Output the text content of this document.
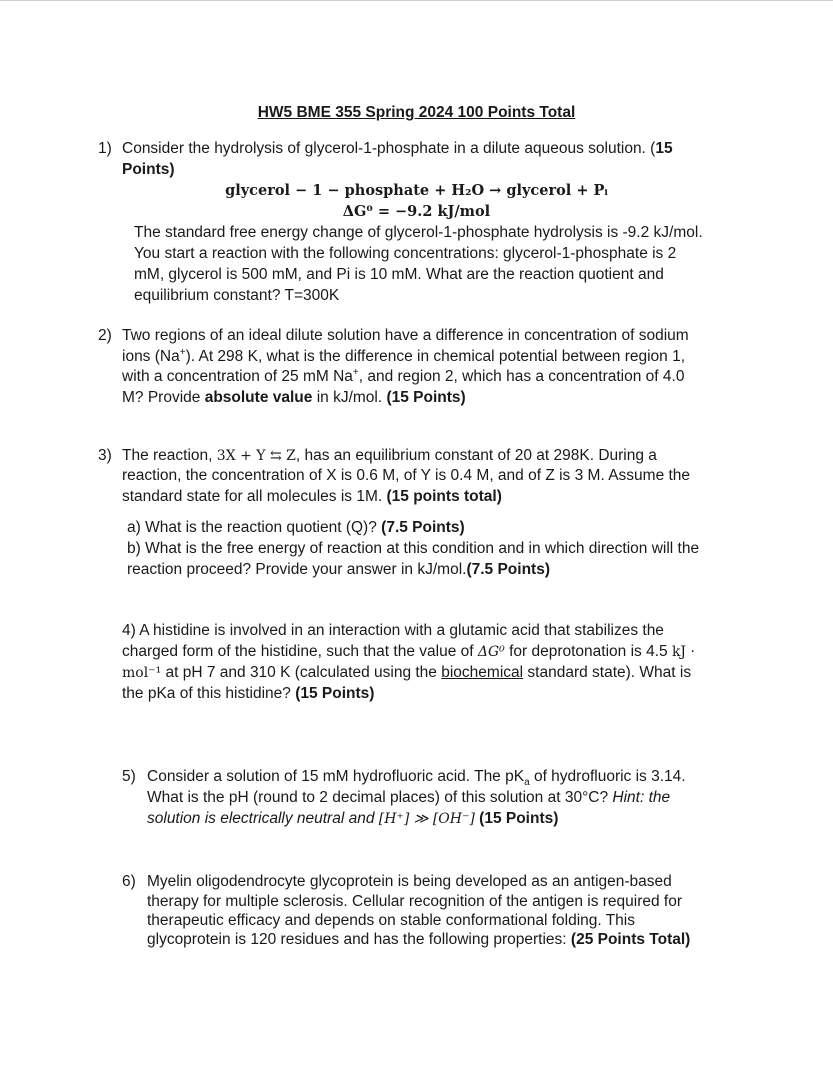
HW5 BME 355 Spring 2024 100 Points Total
1) Consider the hydrolysis of glycerol-1-phosphate in a dilute aqueous solution. (15
Points)
glycerol − 1 − phosphate + H₂O → glycerol + Pᵢ
ΔG⁰ = −9.2 kJ/mol
The standard free energy change of glycerol-1-phosphate hydrolysis is -9.2 kJ/mol.
You start a reaction with the following concentrations: glycerol-1-phosphate is 2
mM, glycerol is 500 mM, and Pi is 10 mM. What are the reaction quotient and
equilibrium constant? T=300K
2) Two regions of an ideal dilute solution have a difference in concentration of sodium
ions (Na+). At 298 K, what is the difference in chemical potential between region 1,
with a concentration of 25 mM Na+, and region 2, which has a concentration of 4.0
M? Provide absolute value in kJ/mol. (15 Points)
3) The reaction, 3X + Y ⇆ Z, has an equilibrium constant of 20 at 298K. During a
reaction, the concentration of X is 0.6 M, of Y is 0.4 M, and of Z is 3 M. Assume the
standard state for all molecules is 1M. (15 points total)
a) What is the reaction quotient (Q)? (7.5 Points)
b) What is the free energy of reaction at this condition and in which direction will the
reaction proceed? Provide your answer in kJ/mol.(7.5 Points)
4) A histidine is involved in an interaction with a glutamic acid that stabilizes the
charged form of the histidine, such that the value of ΔG⁰ for deprotonation is 4.5 kJ ·
mol⁻¹ at pH 7 and 310 K (calculated using the biochemical standard state). What is
the pKa of this histidine? (15 Points)
5) Consider a solution of 15 mM hydrofluoric acid. The $pK_a$ of hydrofluoric is 3.14.
What is the pH (round to 2 decimal places) of this solution at 30°C? Hint: the
solution is electrically neutral and [H⁺] ≫ [OH⁻] (15 Points)
6) Myelin oligodendrocyte glycoprotein is being developed as an antigen-based
therapy for multiple sclerosis. Cellular recognition of the antigen is required for
therapeutic efficacy and depends on stable conformational folding. This
glycoprotein is 120 residues and has the following properties: (25 Points Total)
